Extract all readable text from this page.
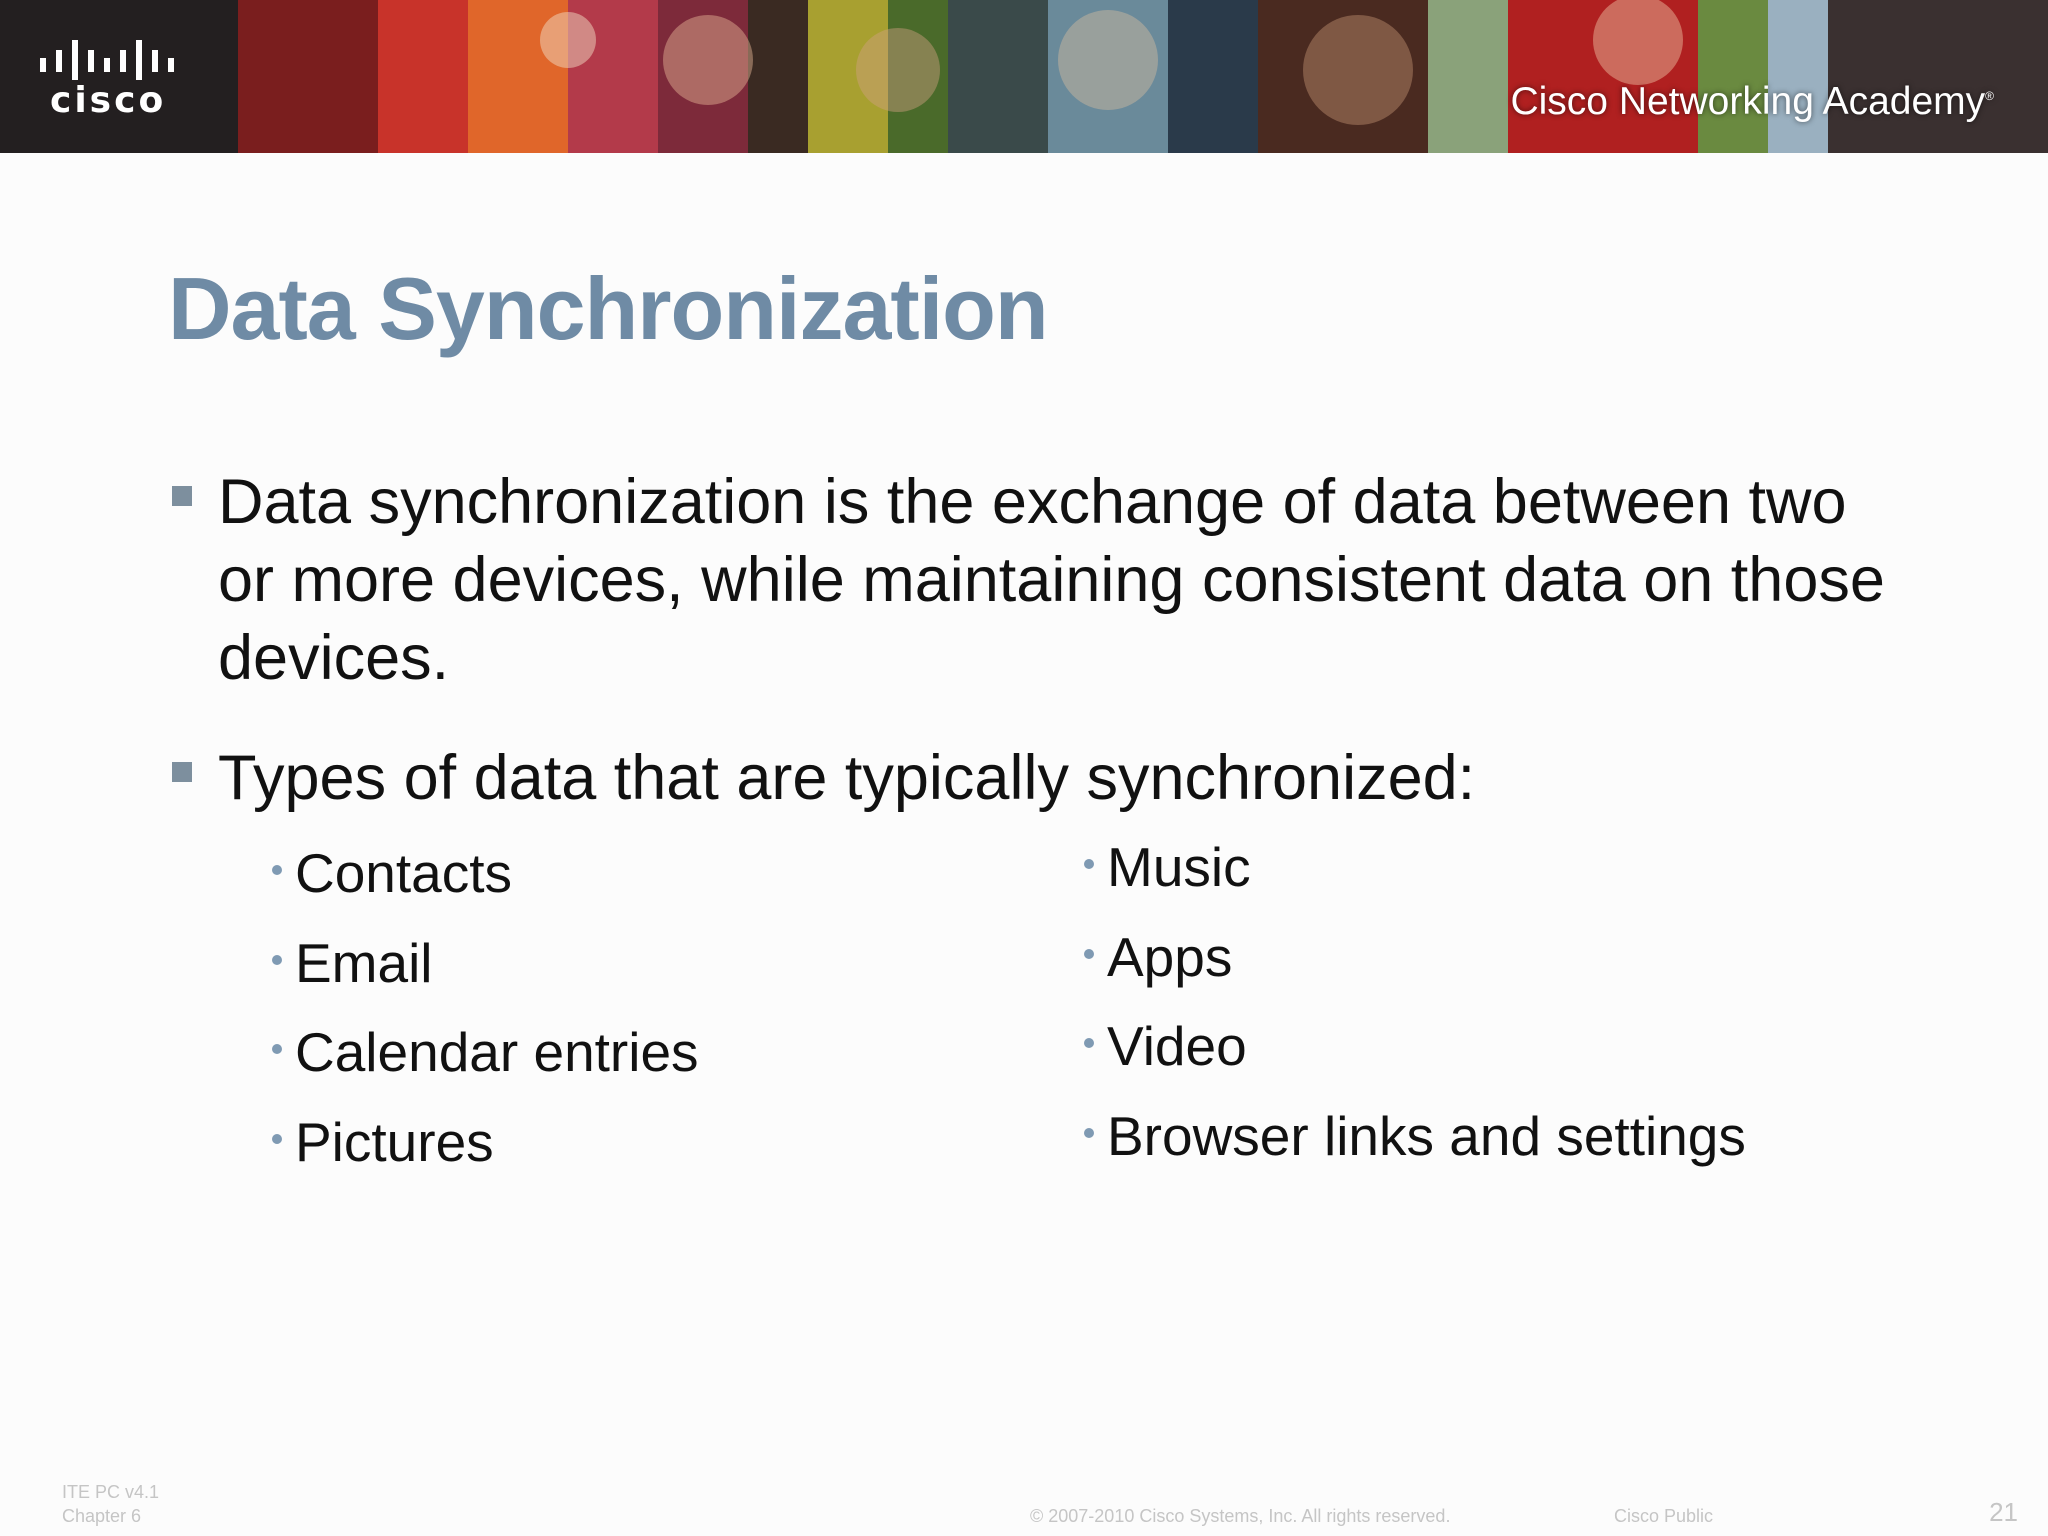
cisco	Cisco Networking Academy®
Data Synchronization
Data synchronization is the exchange of data between two or more devices, while maintaining consistent data on those devices.
Types of data that are typically synchronized:
Contacts
Email
Calendar entries
Pictures
Music
Apps
Video
Browser links and settings
ITE PC v4.1
Chapter 6	© 2007-2010 Cisco Systems, Inc. All rights reserved.	Cisco Public	21
